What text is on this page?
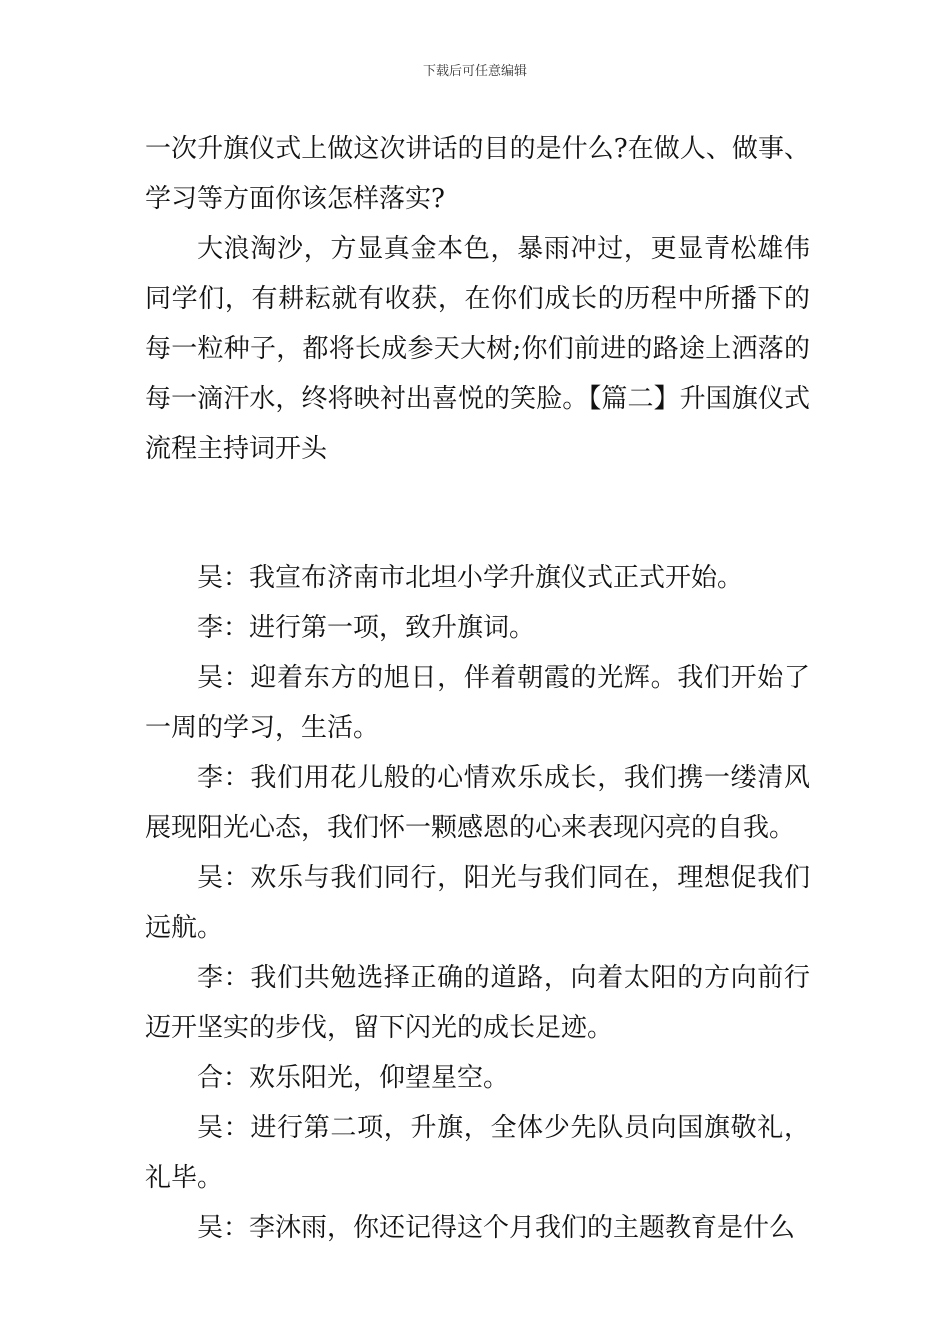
下载后可任意编辑

一次升旗仪式上做这次讲话的目的是什么?在做人、做事、学习等方面你该怎样落实?

大浪淘沙，方显真金本色，暴雨冲过，更显青松雄伟同学们，有耕耘就有收获，在你们成长的历程中所播下的每一粒种子，都将长成参天大树;你们前进的路途上洒落的每一滴汗水，终将映衬出喜悦的笑脸。【篇二】升国旗仪式流程主持词开头

吴：我宣布济南市北坦小学升旗仪式正式开始。

李：进行第一项，致升旗词。

吴：迎着东方的旭日，伴着朝霞的光辉。我们开始了一周的学习，生活。

李：我们用花儿般的心情欢乐成长，我们携一缕清风展现阳光心态，我们怀一颗感恩的心来表现闪亮的自我。

吴：欢乐与我们同行，阳光与我们同在，理想促我们远航。

李：我们共勉选择正确的道路，向着太阳的方向前行迈开坚实的步伐，留下闪光的成长足迹。

合：欢乐阳光，仰望星空。

吴：进行第二项，升旗，全体少先队员向国旗敬礼，礼毕。

吴：李沐雨，你还记得这个月我们的主题教育是什么
